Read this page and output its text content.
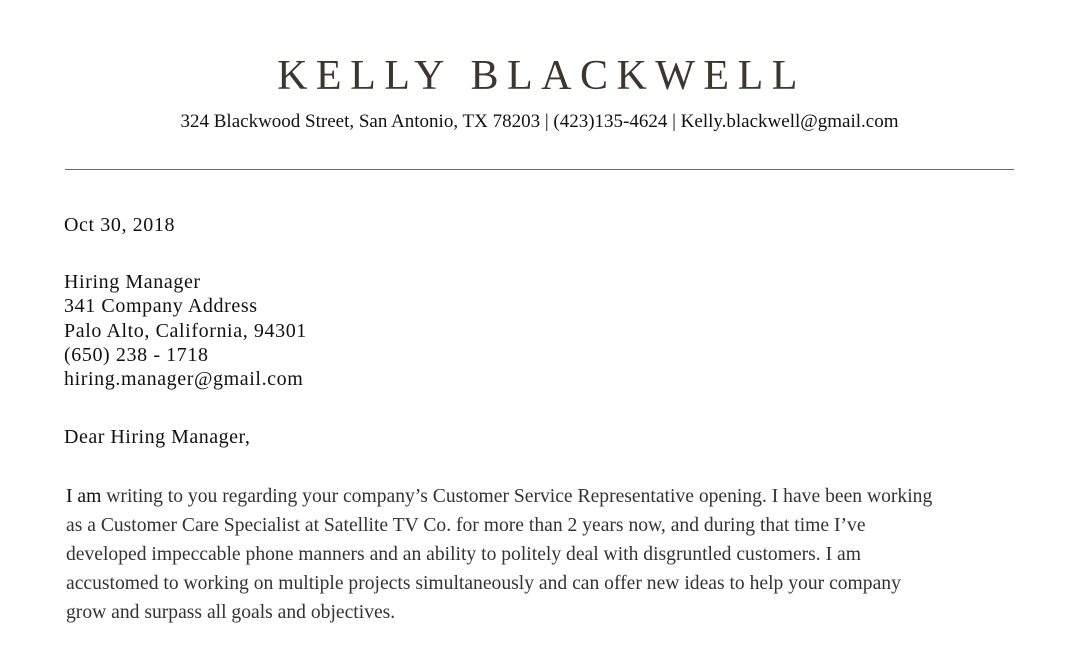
KELLY BLACKWELL
324 Blackwood Street, San Antonio, TX 78203 | (423)135-4624 | Kelly.blackwell@gmail.com
Oct 30, 2018
Hiring Manager
341 Company Address
Palo Alto, California, 94301
(650) 238 - 1718
hiring.manager@gmail.com
Dear Hiring Manager,
I am writing to you regarding your company’s Customer Service Representative opening. I have been working
as a Customer Care Specialist at Satellite TV Co. for more than 2 years now, and during that time I’ve
developed impeccable phone manners and an ability to politely deal with disgruntled customers. I am
accustomed to working on multiple projects simultaneously and can offer new ideas to help your company
grow and surpass all goals and objectives.
